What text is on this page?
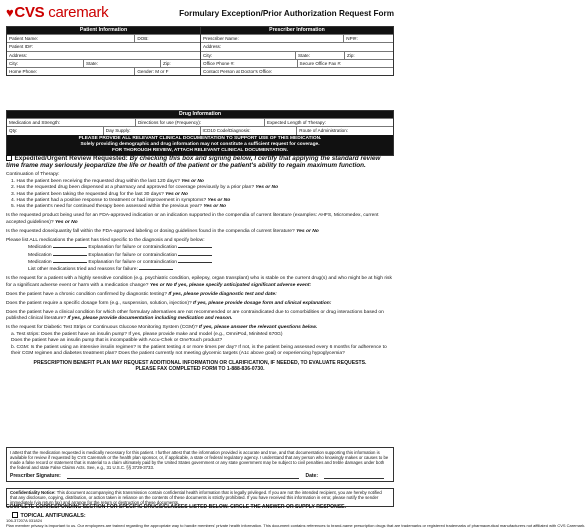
♥CVS caremark	Formulary Exception/Prior Authorization Request Form
Patient Information
Patient Name:	DOB:
Patient ID#:
Address:
City:	State:	Zip:
Home Phone:	Gender: M or F
Prescriber Information
Prescriber Name:	NPI#:
Address:
City:	State:	Zip:
Office Phone #:	Secure Office Fax #:
Contact Person at Doctor's Office:
Drug Information
Medication and Strength:	Directions for use (Frequency):	Expected Length of Therapy:
Qty:	Day Supply:	ICD10 Code/Diagnosis:	Route of Administration:
PLEASE PROVIDE ALL RELEVANT CLINICAL DOCUMENTATION TO SUPPORT USE OF THIS MEDICATION.
Solely providing demographic and drug information may not constitute a sufficient request for coverage.
FOR THOROUGH REVIEW, ATTACH RELEVANT CLINICAL DOCUMENTATION.

Expedited/Urgent Review Requested: By checking this box and signing below, I certify that applying the standard review time frame may seriously jeopardize the life or health of the patient or the patient's ability to regain maximum function.

Continuation of Therapy:
1. Has the patient been receiving the requested drug within the last 120 days? Yes or No
2. Has the requested drug been dispensed at a pharmacy and approved for coverage previously by a prior plan? Yes or No
3. Has the patient been taking the requested drug for the last 30 days? Yes or No
4. Has the patient had a positive response to treatment or had improvement in symptoms? Yes or No

5. Has the patient's need for continued therapy been assessed within the previous year? Yes or No

Is the requested product being used for an FDA-approved indication or an indication supported in the compendia of current literature (examples: AHFS, Micromedex, current accepted guidelines)? Yes or No

Is the requested dose/quantity fall within the FDA-approved labeling or dosing guidelines found in the compendia of current literature? Yes or No

Please list ALL medications the patient has tried specific to the diagnosis and specify below:
Medication	Explanation for failure or contraindication
Medication	Explanation for failure or contraindication
Medication	Explanation for failure or contraindication

List other medications tried and reasons for failure:

Is the request for a patient with a highly sensitive condition (e.g. psychiatric condition, epilepsy, organ transplant) who is stable on the current drug(s) and who might be at high risk for a significant adverse event or harm with a medication change? Yes or No If yes, please specify anticipated significant adverse event:

Does the patient have a chronic condition confirmed by diagnostic testing? If yes, please provide diagnostic test and date:

Does the patient require a specific dosage form (e.g., suspension, solution, injection)? If yes, please provide dosage form and clinical explanation:

Does the patient have a clinical condition for which other formulary alternatives are not recommended or are contraindicated due to comorbidities or drug interactions based on published clinical literature? If yes, please provide documentation including medication and reason.

Is the request for Diabetic Test Strips or Continuous Glucose Monitoring System (CGM)? If yes, please answer the relevant questions below.
a. Test strips: Does the patient have an insulin pump? If yes, please provide make and model (e.g., OmniPod, MiniMed 670G)
Does the patient have an insulin pump that is incompatible with Accu-Chek or OneTouch product?

b. CGM: Is the patient using an intensive insulin regimen? Is the patient testing 4 or more times per day? If not, is the patient being assessed every 6 months for adherence to their CGM regimen and diabetes treatment plan? Does the patient currently not meeting glycemic targets (A1c above goal) or experiencing hypoglycemia?

PRESCRIPTION BENEFIT PLAN MAY REQUEST ADDITIONAL INFORMATION OR CLARIFICATION, IF NEEDED, TO EVALUATE REQUESTS.
PLEASE FAX COMPLETED FORM TO 1-888-836-0730.
I attest that the medication requested is medically necessary for this patient. I further attest that the information provided is accurate and true, and that documentation supporting this information is available for review if requested by CVS Caremark or the health plan sponsor, or, if applicable, a state or federal regulatory agency. I understand that any person who knowingly makes or causes to be made a false record or statement that is material to a claim ultimately paid by the United States government or any state government may be subject to civil penalties and treble damages under both the federal and state False Claims Acts. See, e.g., 31 U.S.C. §§ 3729-3733.
Prescriber Signature:	Date:
Confidentiality Notice: This document accompanying this transmission contain confidential health information that is legally privileged. If you are not the intended recipient, you are hereby notified that any disclosure, copying, distribution, or action taken in reliance on the contents of these documents is strictly prohibited. If you have received this information in error, please notify the sender immediately (via return fax) and arrange for the return or destruction of these documents.
COMPLETE CORRESPONDING SECTION FOR SPECIFIC DRUGS/CLASSES LISTED BELOW. CIRCLE THE ANSWER OR SUPPLY RESPONSE.
TOPICAL ANTIFUNGALS:
106-37207A 031824
Plan member privacy is important to us. Our employees are trained regarding the appropriate way to handle members' private health information. This document contains references to brand-name prescription drugs that are trademarks or registered trademarks of pharmaceutical manufacturers not affiliated with CVS Caremark.
